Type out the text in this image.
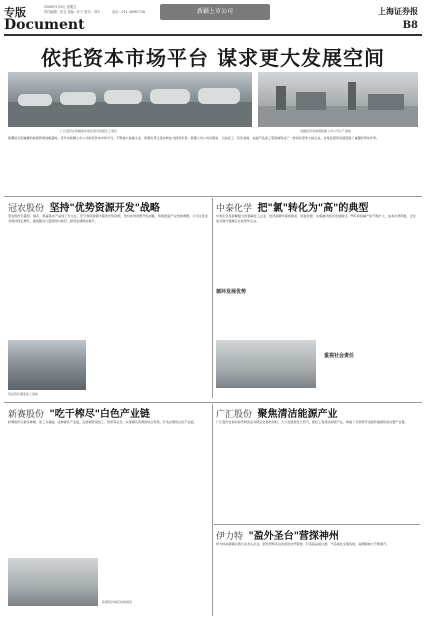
专版	2008年2月8日 星期五
责任编辑：张玉 美编：叶子 校对：刘平	电话：021-38967716
Document
新疆上市公司	上海证券报
B8
依托资本市场平台 谋求更大发展空间
广汇股份在新疆准东地区建设的煤化工项目	金融投资者参观新疆上市公司生产基地
新疆是全国重要的能源资源战略基地，近年来新疆上市公司依托资本市场平台，不断做大做强主业，资源优势正逐步转化为经济优势。新疆上市公司在煤炭、石油化工、有色金属、农副产品加工等领域形成了一批具有竞争力的企业，对地区经济发展起到了重要的带动作用。
冠农股份 坚持"优势资源开发"战略
冠农股份以番茄、棉花、果蔬等农产品加工为主业，充分利用新疆丰富的光热资源，坚持优势资源开发战略，积极推进产业结构调整，公司主营业务保持稳定增长，番茄酱出口量居国内前列，经营业绩稳步提升。
冠农股份番茄加工基地
中泰化学 把"氯"转化为"高"的典型
中泰化学是新疆最大的氯碱化工企业，依托新疆丰富的煤炭、原盐资源，实施循环经济发展模式，PVC和烧碱产能不断扩大，成本优势明显，正在成为国内氯碱行业的领军企业。
循环发展优势
重视社会责任
新赛股份 "吃干榨尽"白色产业链
新赛股份以棉花种植、加工为基础，延伸棉花产业链，发展棉籽深加工、纺织等业务，实现棉花资源的综合利用，打造完整的白色产业链。
新赛股份棉花收购现场
广汇股份 聚焦清洁能源产业
广汇股份在保持商贸物流业务稳定发展的同时，大力发展液化天然气、煤化工等清洁能源产业，构建了从资源开采到终端销售的完整产业链。
伊力特 "盈外圣台"营探神州
伊力特是新疆白酒行业龙头企业，依托伊犁河谷优质的自然资源，打造高品质白酒，产品销往全国各地，品牌影响力不断提升。
